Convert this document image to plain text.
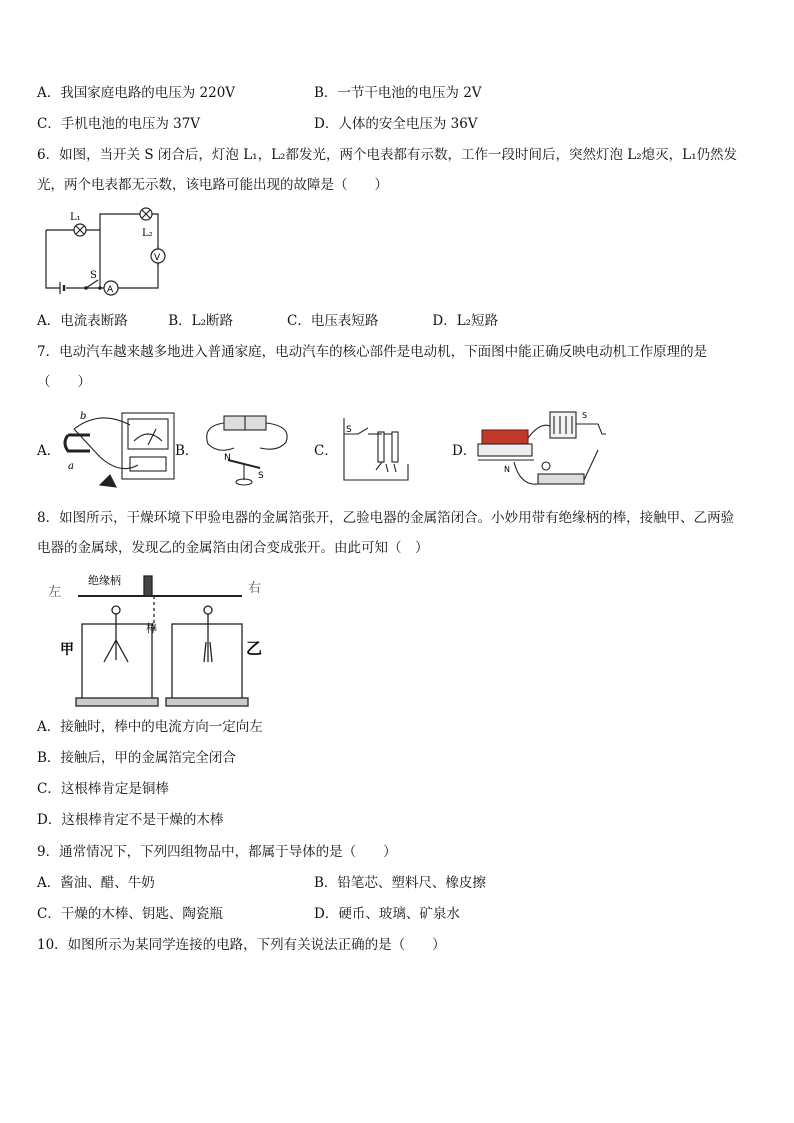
A．我国家庭电路的电压为 220V	B．一节干电池的电压为 2V
C．手机电池的电压为 37V	D．人体的安全电压为 36V
6．如图，当开关 S 闭合后，灯泡 L₁，L₂都发光，两个电表都有示数，工作一段时间后，突然灯泡 L₂熄灭，L₁仍然发
光，两个电表都无示数，该电路可能出现的故障是（　　）
L₁
L₂
V
A
S
A．电流表断路　　　B．L₂断路　　　　C．电压表短路　　　　D．L₂短路
7．电动汽车越来越多地进入普通家庭，电动汽车的核心部件是电动机，下面图中能正确反映电动机工作原理的是
（　　）
A．
b
a
B．	N
S
C．
S
D．
N
S
8．如图所示，干燥环境下甲验电器的金属箔张开，乙验电器的金属箔闭合。小妙用带有绝缘柄的棒，接触甲、乙两验
电器的金属球，发现乙的金属箔由闭合变成张开。由此可知（　）
左	右
绝缘柄
棒
甲	乙
A．接触时，棒中的电流方向一定向左
B．接触后，甲的金属箔完全闭合
C．这根棒肯定是铜棒
D．这根棒肯定不是干燥的木棒
9．通常情况下，下列四组物品中，都属于导体的是（　　）
A．酱油、醋、牛奶	B．铅笔芯、塑料尺、橡皮擦
C．干燥的木棒、钥匙、陶瓷瓶	D．硬币、玻璃、矿泉水
10．如图所示为某同学连接的电路，下列有关说法正确的是（　　）
